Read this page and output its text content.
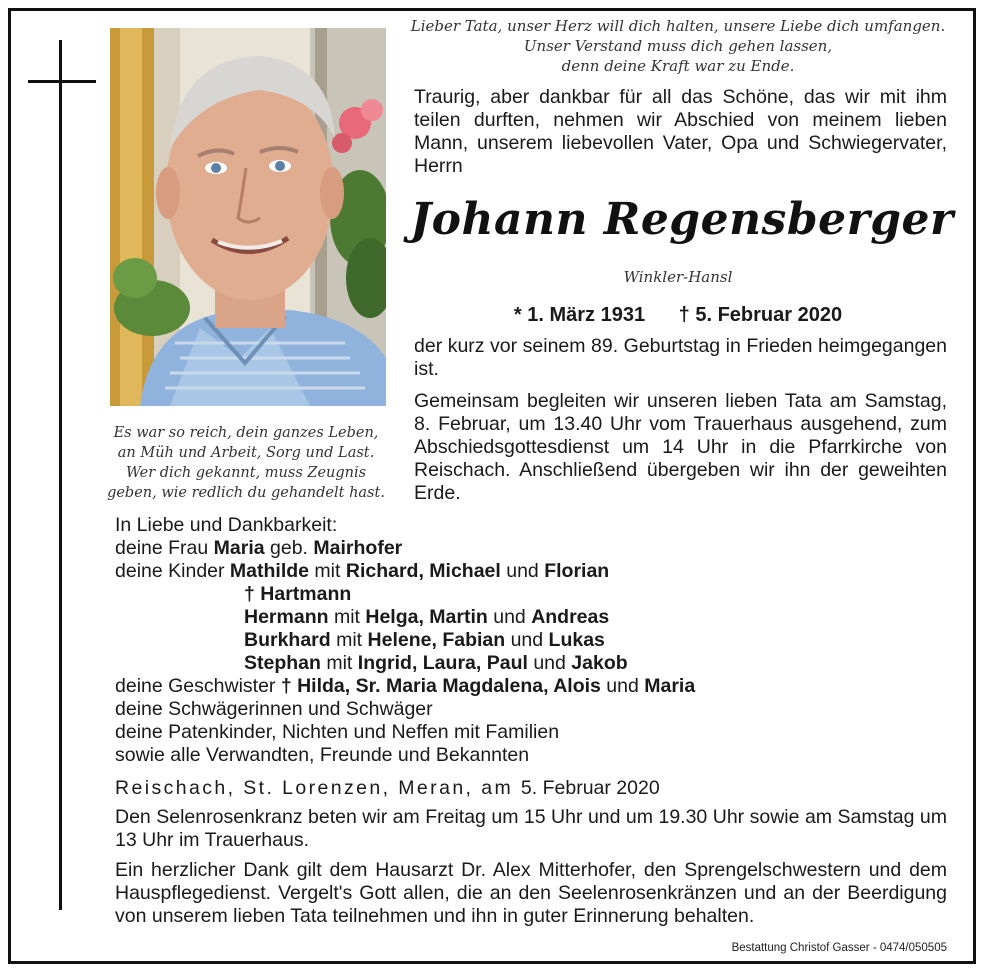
Lieber Tata, unser Herz will dich halten, unsere Liebe dich umfangen.
Unser Verstand muss dich gehen lassen,
denn deine Kraft war zu Ende.
Traurig, aber dankbar für all das Schöne, das wir mit ihm teilen durften, nehmen wir Abschied von meinem lieben Mann, unserem liebevollen Vater, Opa und Schwiegervater, Herrn
Johann Regensberger
Winkler-Hansl
* 1. März 1931 † 5. Februar 2020
der kurz vor seinem 89. Geburtstag in Frieden heimgegangen ist.
Gemeinsam begleiten wir unseren lieben Tata am Samstag, 8. Februar, um 13.40 Uhr vom Trauerhaus ausgehend, zum Abschiedsgottesdienst um 14 Uhr in die Pfarrkirche von Reischach. Anschließend übergeben wir ihn der geweihten Erde.
Es war so reich, dein ganzes Leben,
an Müh und Arbeit, Sorg und Last.
Wer dich gekannt, muss Zeugnis
geben, wie redlich du gehandelt hast.
In Liebe und Dankbarkeit:
deine Frau Maria geb. Mairhofer
deine Kinder Mathilde mit Richard, Michael und Florian
† Hartmann
Hermann mit Helga, Martin und Andreas
Burkhard mit Helene, Fabian und Lukas
Stephan mit Ingrid, Laura, Paul und Jakob
deine Geschwister † Hilda, Sr. Maria Magdalena, Alois und Maria
deine Schwägerinnen und Schwäger
deine Patenkinder, Nichten und Neffen mit Familien
sowie alle Verwandten, Freunde und Bekannten
Reischach, St. Lorenzen, Meran, am 5. Februar 2020
Den Selenrosenkranz beten wir am Freitag um 15 Uhr und um 19.30 Uhr sowie am Samstag um 13 Uhr im Trauerhaus.
Ein herzlicher Dank gilt dem Hausarzt Dr. Alex Mitterhofer, den Sprengelschwestern und dem Hauspflegedienst. Vergelt's Gott allen, die an den Seelenrosenkränzen und an der Beerdigung von unserem lieben Tata teilnehmen und ihn in guter Erinnerung behalten.
Bestattung Christof Gasser - 0474/050505
